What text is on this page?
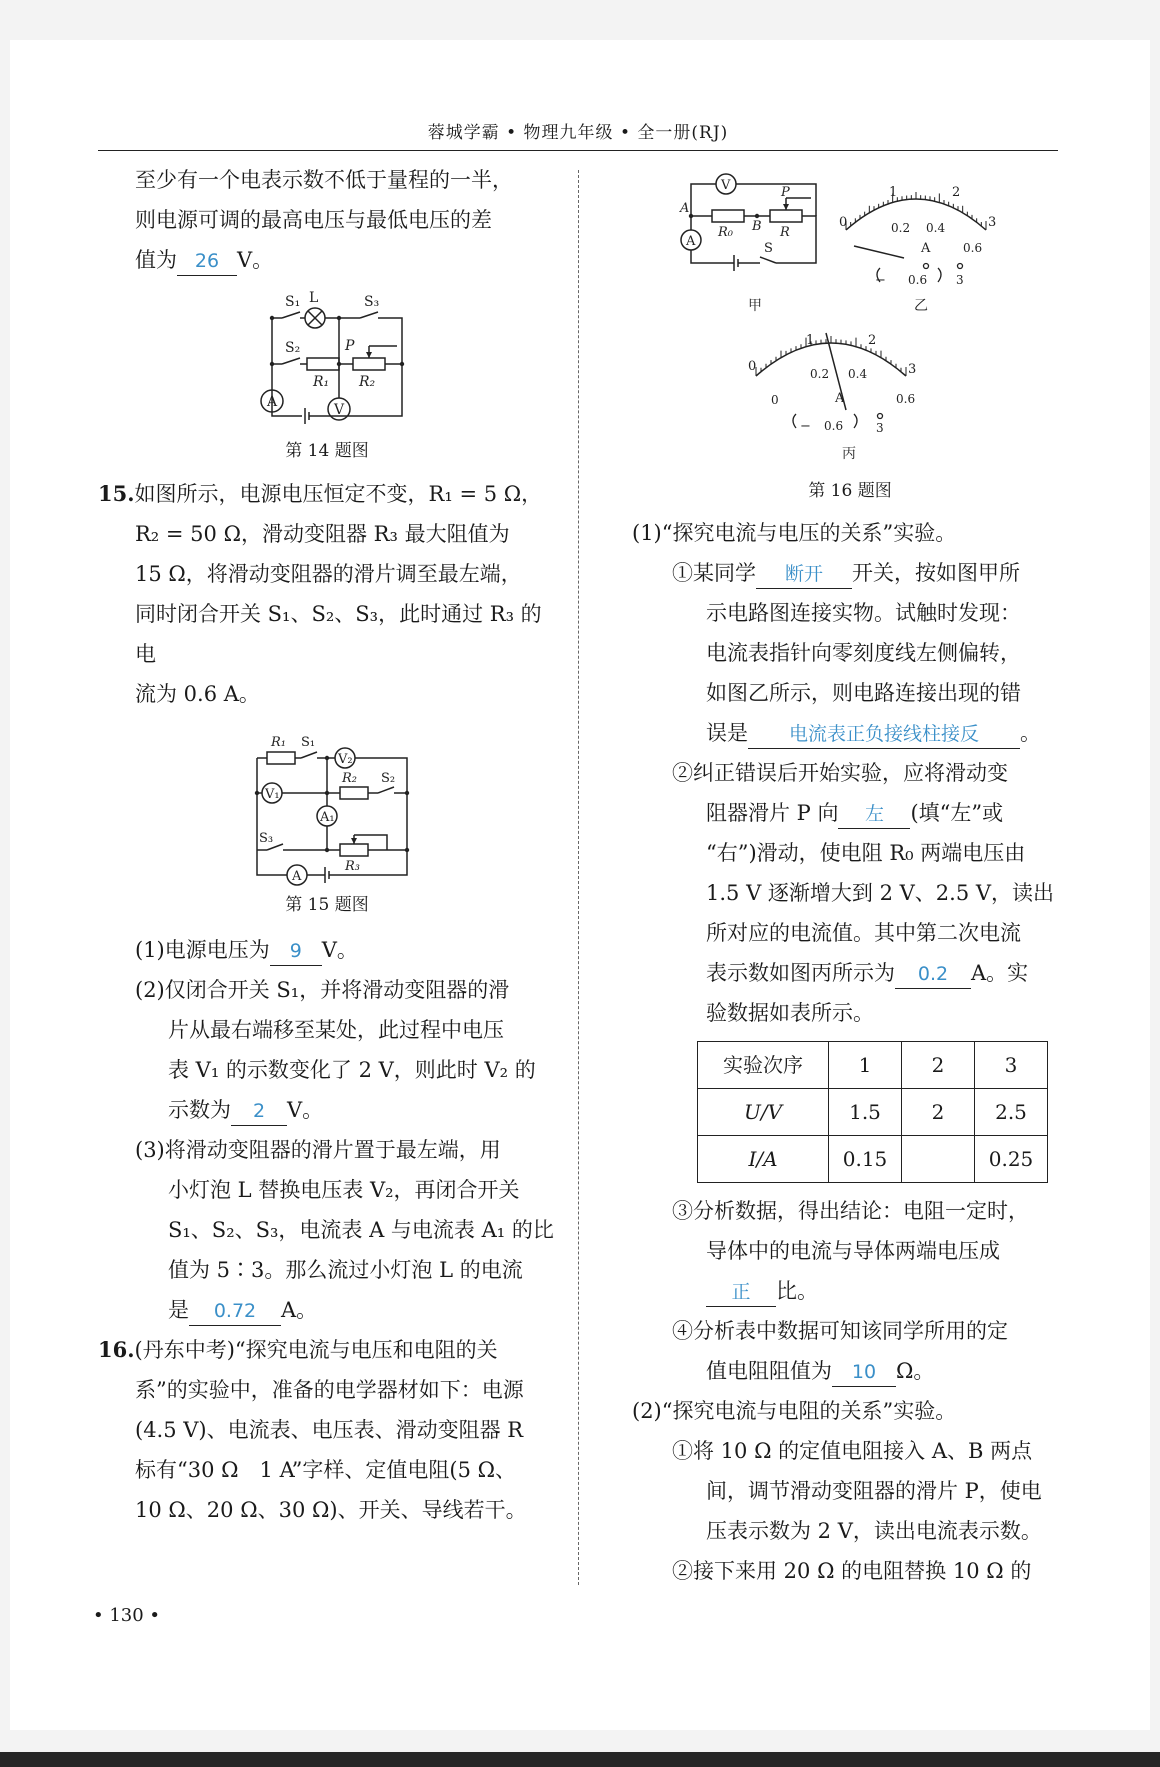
蓉城学霸 • 物理九年级 • 全一册(RJ)

至少有一个电表示数不低于量程的一半，

则电源可调的最高电压与最低电压的差

值为 26 V。

S₁ L	S₃
S₂	P
R₁ R₂
A	V
第 14 题图

15.如图所示，电源电压恒定不变，R₁ = 5 Ω，

R₂ = 50 Ω，滑动变阻器 R₃ 最大阻值为

15 Ω，将滑动变阻器的滑片调至最左端，

同时闭合开关 S₁、S₂、S₃，此时通过 R₃ 的电

流为 0.6 A。

R₁ S₁
V₂
R₂ S₂
V₁
A₁
S₃
R₃
A
第 15 题图

(1)电源电压为 9 V。

(2)仅闭合开关 S₁，并将滑动变阻器的滑

片从最右端移至某处，此过程中电压

表 V₁ 的示数变化了 2 V，则此时 V₂ 的

示数为 2 V。

(3)将滑动变阻器的滑片置于最左端，用

小灯泡 L 替换电压表 V₂，再闭合开关

S₁、S₂、S₃，电流表 A 与电流表 A₁ 的比

值为 5∶3。那么流过小灯泡 L 的电流

是 0.72 A。

16.(丹东中考)“探究电流与电压和电阻的关

系”的实验中，准备的电学器材如下：电源

(4.5 V)、电流表、电压表、滑动变阻器 R

标有“30 Ω　1 A”字样、定值电阻(5 Ω、

10 Ω、20 Ω、30 Ω)、开关、导线若干。

V
A
P
A
R₀ B R
S
甲	乙
丙
0
1	2
3
0.2 0.4
0.6
A
− 0.6 3
0
1	2
3
0
0.2 0.4
0.6
A
− 0.6	3
第 16 题图

(1)“探究电流与电压的关系”实验。

①某同学 断开 开关，按如图甲所

示电路图连接实物。试触时发现：

电流表指针向零刻度线左侧偏转，

如图乙所示，则电路连接出现的错

误是 电流表正负接线柱接反 。

②纠正错误后开始实验，应将滑动变

阻器滑片 P 向 左 (填“左”或

“右”)滑动，使电阻 R₀ 两端电压由

1.5 V 逐渐增大到 2 V、2.5 V，读出

所对应的电流值。其中第二次电流

表示数如图丙所示为 0.2 A。实

验数据如表所示。

实验次序	1	2	3
U/V	1.5	2	2.5
I/A	0.15		0.25

③分析数据，得出结论：电阻一定时，

导体中的电流与导体两端电压成

正 比。

④分析表中数据可知该同学所用的定

值电阻阻值为 10 Ω。

(2)“探究电流与电阻的关系”实验。

①将 10 Ω 的定值电阻接入 A、B 两点

间，调节滑动变阻器的滑片 P，使电

压表示数为 2 V，读出电流表示数。

②接下来用 20 Ω 的电阻替换 10 Ω 的

• 130 •
